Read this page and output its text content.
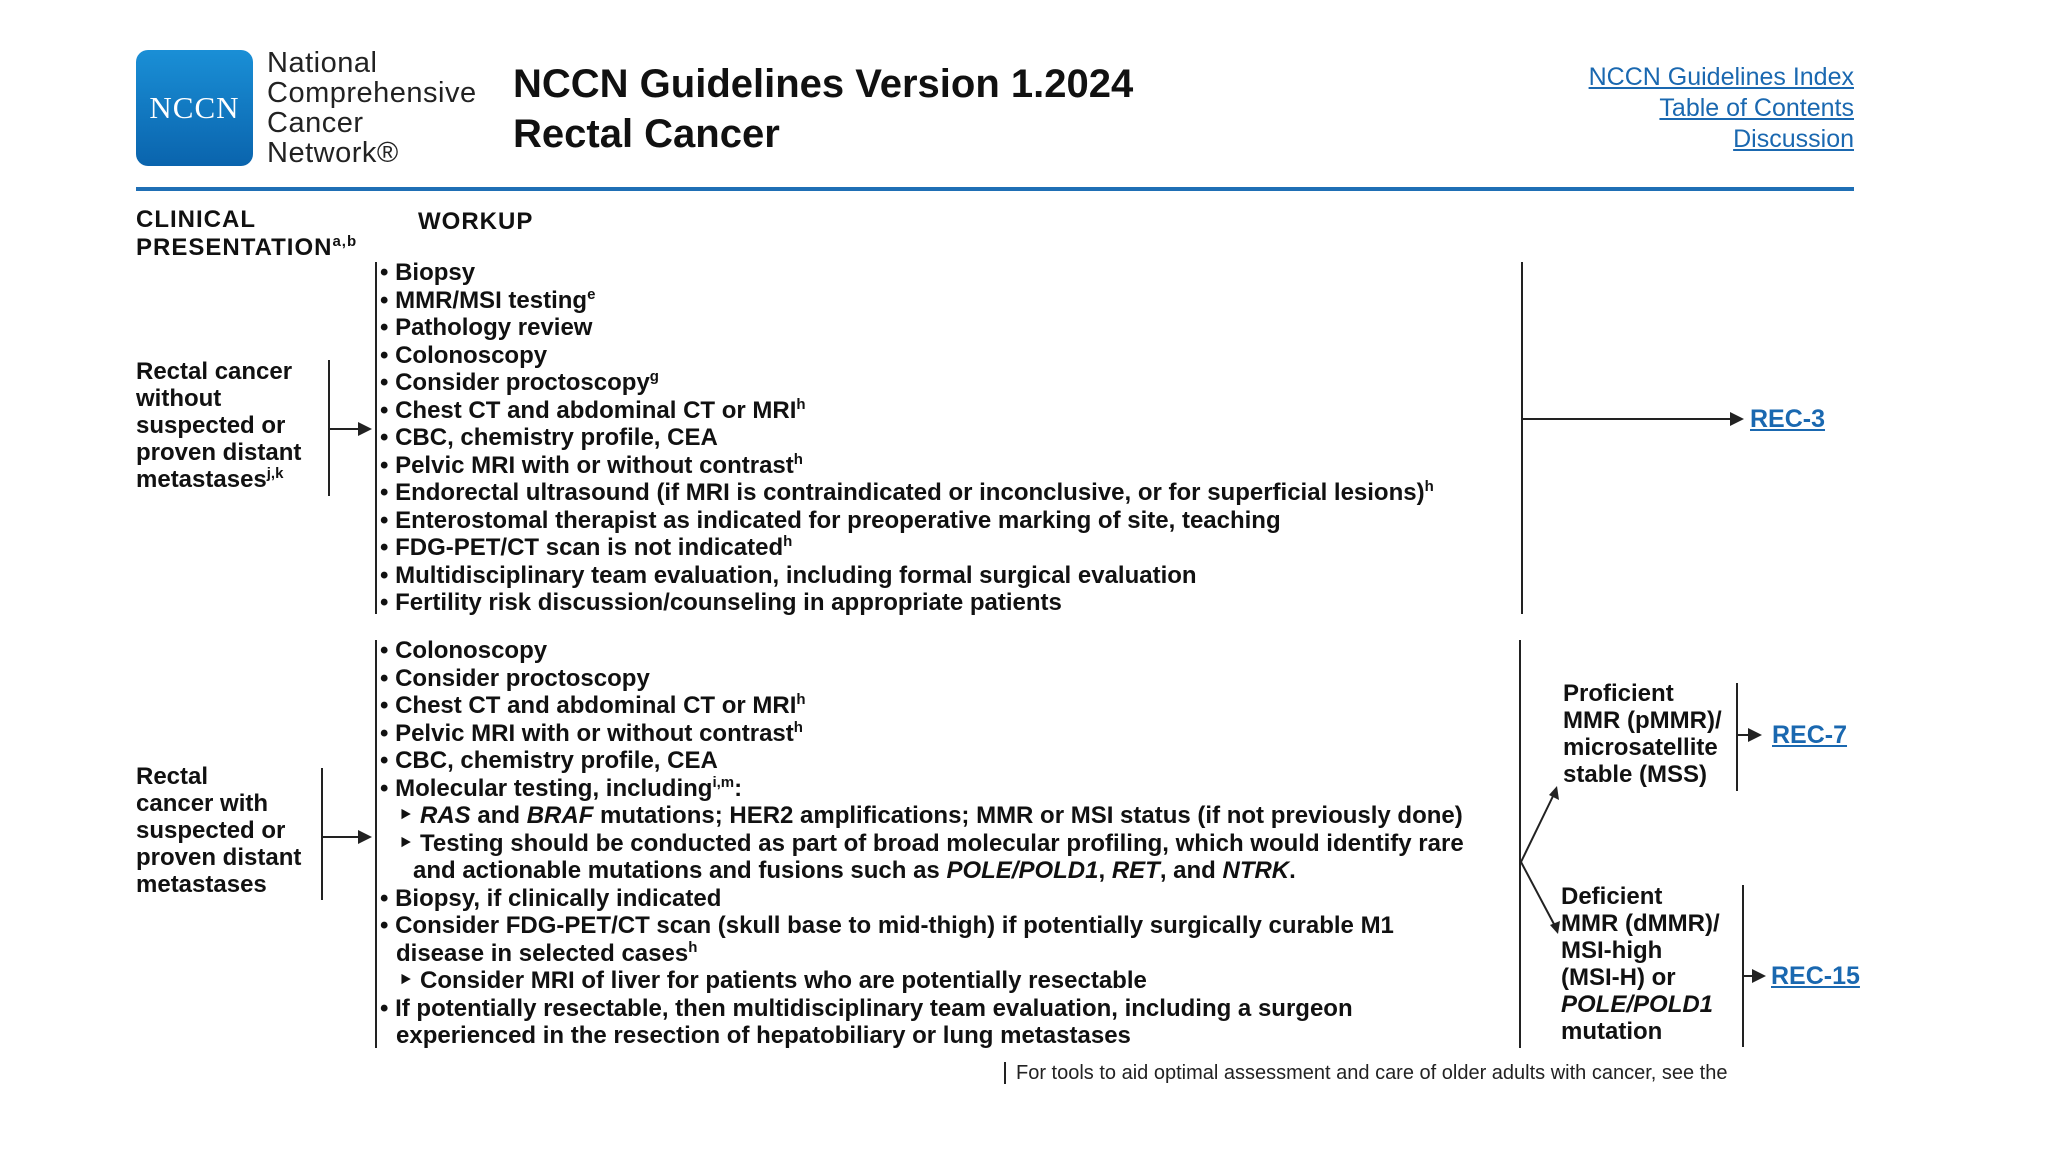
NCCN
National
Comprehensive
Cancer
Network®
NCCN Guidelines Version 1.2024
Rectal Cancer
NCCN Guidelines Index
Table of Contents
Discussion
CLINICAL
PRESENTATION$^{a,b}$
WORKUP
Rectal cancer
without
suspected or
proven distant
metastases$^{j,k}$
• Biopsy
• MMR/MSI testing$^e$
• Pathology review
• Colonoscopy
• Consider proctoscopy$^g$
• Chest CT and abdominal CT or MRI$^h$
• CBC, chemistry profile, CEA
• Pelvic MRI with or without contrast$^h$
• Endorectal ultrasound (if MRI is contraindicated or inconclusive, or for superficial lesions)$^h$
• Enterostomal therapist as indicated for preoperative marking of site, teaching
• FDG-PET/CT scan is not indicated$^h$
• Multidisciplinary team evaluation, including formal surgical evaluation
• Fertility risk discussion/counseling in appropriate patients
REC-3
Rectal
cancer with
suspected or
proven distant
metastases
• Colonoscopy
• Consider proctoscopy
• Chest CT and abdominal CT or MRI$^h$
• Pelvic MRI with or without contrast$^h$
• CBC, chemistry profile, CEA
• Molecular testing, including$^{i,m}$:
‣ RAS and BRAF mutations; HER2 amplifications; MMR or MSI status (if not previously done)
‣ Testing should be conducted as part of broad molecular profiling, which would identify rare
and actionable mutations and fusions such as POLE/POLD1, RET, and NTRK.
• Biopsy, if clinically indicated
• Consider FDG-PET/CT scan (skull base to mid-thigh) if potentially surgically curable M1
disease in selected cases$^h$
‣ Consider MRI of liver for patients who are potentially resectable
• If potentially resectable, then multidisciplinary team evaluation, including a surgeon
experienced in the resection of hepatobiliary or lung metastases
Proficient
MMR (pMMR)/
microsatellite
stable (MSS)
REC-7
Deficient
MMR (dMMR)/
MSI-high
(MSI-H) or
POLE/POLD1
mutation
REC-15
For tools to aid optimal assessment and care of older adults with cancer, see the
